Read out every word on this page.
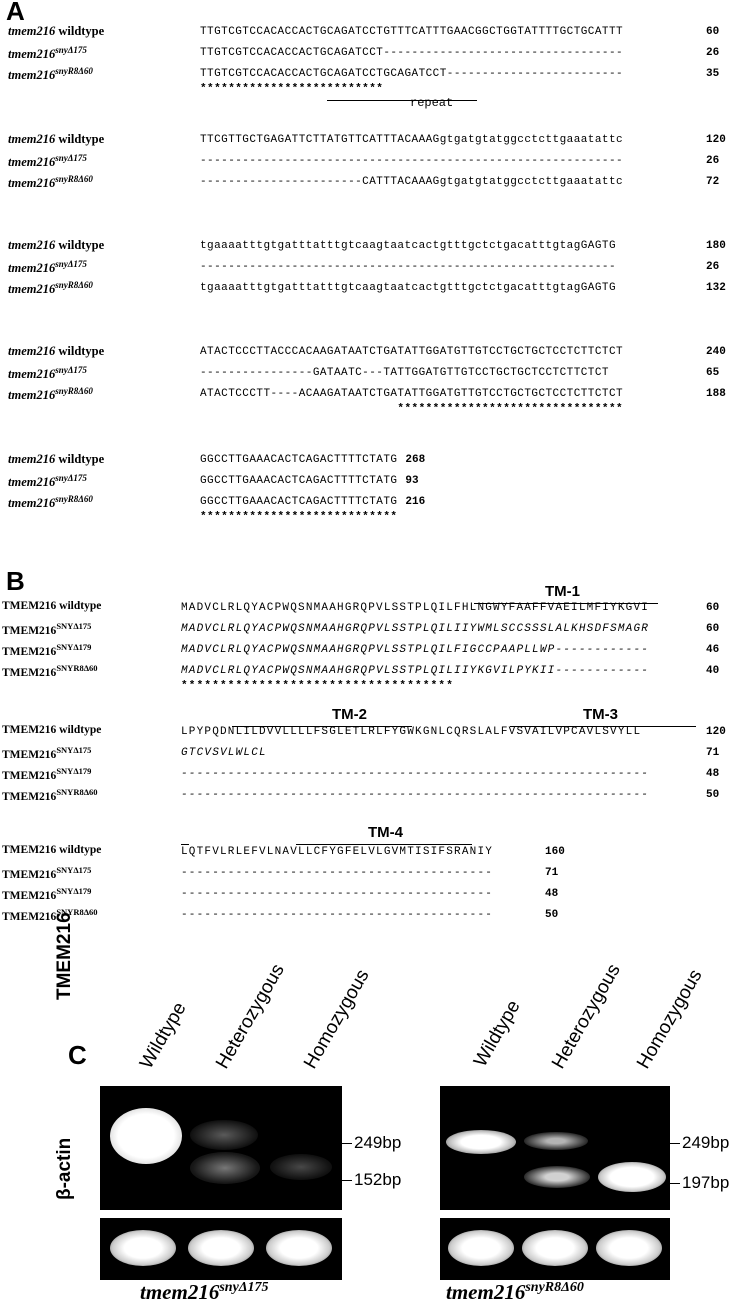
A
tmem216 wildtype	TTGTCGTCCACACCACTGCAGATCCTGTTTCATTTGAACGGCTGGTATTTTGCTGCATTT	60
$tmem216^{sny\Delta 175}$	TTGTCGTCCACACCACTGCAGATCCT----------------------------------	26
$tmem216^{snyR8\Delta 60}$	TTGTCGTCCACACCACTGCAGATCCTGCAGATCCT-------------------------	35
**************************
tmem216 wildtype	TTCGTTGCTGAGATTCTTATGTTCATTTACAAAGgtgatgtatggcctcttgaaatattc	120
$tmem216^{sny\Delta 175}$	------------------------------------------------------------	26
$tmem216^{snyR8\Delta 60}$	-----------------------CATTTACAAAGgtgatgtatggcctcttgaaatattc	72
tmem216 wildtype	tgaaaatttgtgatttatttgtcaagtaatcactgtttgctctgacatttgtagGAGTG	180
$tmem216^{sny\Delta 175}$	-----------------------------------------------------------	26
$tmem216^{snyR8\Delta 60}$	tgaaaatttgtgatttatttgtcaagtaatcactgtttgctctgacatttgtagGAGTG	132
tmem216 wildtype	ATACTCCCTTACCCACAAGATAATCTGATATTGGATGTTGTCCTGCTGCTCCTCTTCTCT	240
$tmem216^{sny\Delta 175}$	----------------GATAATC---TATTGGATGTTGTCCTGCTGCTCCTCTTCTCT	65
$tmem216^{snyR8\Delta 60}$	ATACTCCCTT----ACAAGATAATCTGATATTGGATGTTGTCCTGCTGCTCCTCTTCTCT	188
********************************
tmem216 wildtype	GGCCTTGAAACACTCAGACTTTTCTATG 268
$tmem216^{sny\Delta 175}$	GGCCTTGAAACACTCAGACTTTTCTATG 93
$tmem216^{snyR8\Delta 60}$	GGCCTTGAAACACTCAGACTTTTCTATG 216
****************************
repeat
B
TMEM216 wildtype	MADVCLRLQYACPWQSNMAAHGRQPVLSSTPLQILFHLNGWYFAAFFVAEILMFIYKGVI	60
$TMEM216^{SNY\Delta 175}$	MADVCLRLQYACPWQSNMAAHGRQPVLSSTPLQILIIYWMLSCCSSSLALKHSDFSMAGR	60
$TMEM216^{SNY\Delta 179}$	MADVCLRLQYACPWQSNMAAHGRQPVLSSTPLQILFIGCCPAAPLLWP------------	46
$TMEM216^{SNYR8\Delta 60}$	MADVCLRLQYACPWQSNMAAHGRQPVLSSTPLQILIIYKGVILPYKII------------	40
***********************************
TMEM216 wildtype	LPYPQDNLILDVVLLLLFSGLETLRLFYGWKGNLCQRSLALFVSVAILVPCAVLSVYLL	120
$TMEM216^{SNY\Delta 175}$	GTCVSVLWLCL	71
$TMEM216^{SNY\Delta 179}$	------------------------------------------------------------	48
$TMEM216^{SNYR8\Delta 60}$	------------------------------------------------------------	50
TMEM216 wildtype	LQTFVLRLEFVLNAVLLCFYGFELVLGVMTISIFSRANIY	160
$TMEM216^{SNY\Delta 175}$	----------------------------------------	71
$TMEM216^{SNY\Delta 179}$	----------------------------------------	48
$TMEM216^{SNYR8\Delta 60}$	----------------------------------------	50
TM-1
TM-2	TM-3
TM-4
C
TMEM216
β-actin
Wildtype Heterozygous Homozygous	Wildtype Heterozygous Homozygous
249bp
152bp
249bp
197bp
$tmem216^{sny\Delta 175}$	$tmem216^{snyR8\Delta 60}$
